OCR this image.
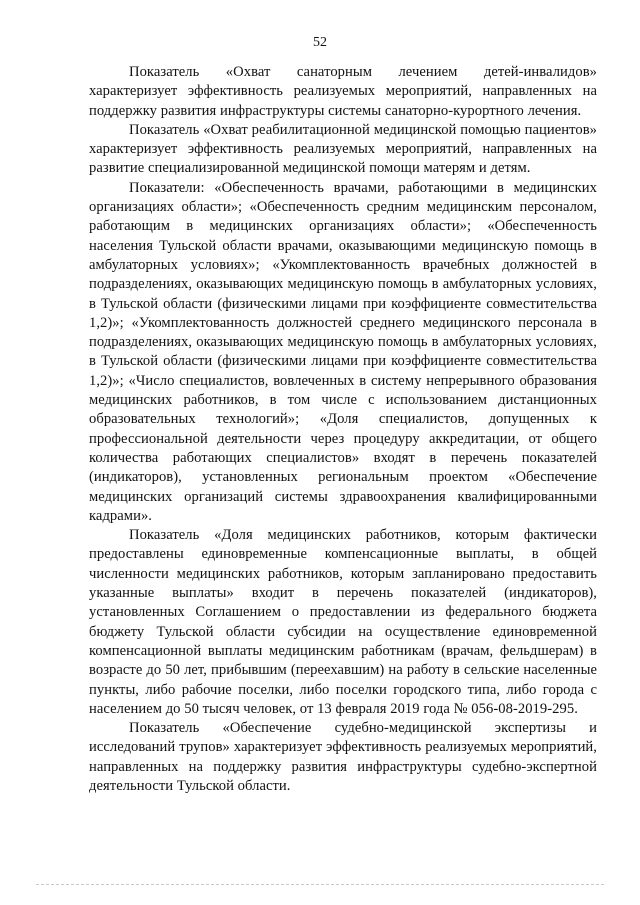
52

Показатель «Охват санаторным лечением детей-инвалидов» характеризует эффективность реализуемых мероприятий, направленных на поддержку развития инфраструктуры системы санаторно-курортного лечения.

Показатель «Охват реабилитационной медицинской помощью пациентов» характеризует эффективность реализуемых мероприятий, направленных на развитие специализированной медицинской помощи матерям и детям.

Показатели: «Обеспеченность врачами, работающими в медицинских организациях области»; «Обеспеченность средним медицинским персоналом, работающим в медицинских организациях области»; «Обеспеченность населения Тульской области врачами, оказывающими медицинскую помощь в амбулаторных условиях»; «Укомплектованность врачебных должностей в подразделениях, оказывающих медицинскую помощь в амбулаторных условиях, в Тульской области (физическими лицами при коэффициенте совместительства 1,2)»; «Укомплектованность должностей среднего медицинского персонала в подразделениях, оказывающих медицинскую помощь в амбулаторных условиях, в Тульской области (физическими лицами при коэффициенте совместительства 1,2)»; «Число специалистов, вовлеченных в систему непрерывного образования медицинских работников, в том числе с использованием дистанционных образовательных технологий»; «Доля специалистов, допущенных к профессиональной деятельности через процедуру аккредитации, от общего количества работающих специалистов» входят в перечень показателей (индикаторов), установленных региональным проектом «Обеспечение медицинских организаций системы здравоохранения квалифицированными кадрами».

Показатель «Доля медицинских работников, которым фактически предоставлены единовременные компенсационные выплаты, в общей численности медицинских работников, которым запланировано предоставить указанные выплаты» входит в перечень показателей (индикаторов), установленных Соглашением о предоставлении из федерального бюджета бюджету Тульской области субсидии на осуществление единовременной компенсационной выплаты медицинским работникам (врачам, фельдшерам) в возрасте до 50 лет, прибывшим (переехавшим) на работу в сельские населенные пункты, либо рабочие поселки, либо поселки городского типа, либо города с населением до 50 тысяч человек, от 13 февраля 2019 года № 056-08-2019-295.

Показатель «Обеспечение судебно-медицинской экспертизы и исследований трупов» характеризует эффективность реализуемых мероприятий, направленных на поддержку развития инфраструктуры судебно-экспертной деятельности Тульской области.
